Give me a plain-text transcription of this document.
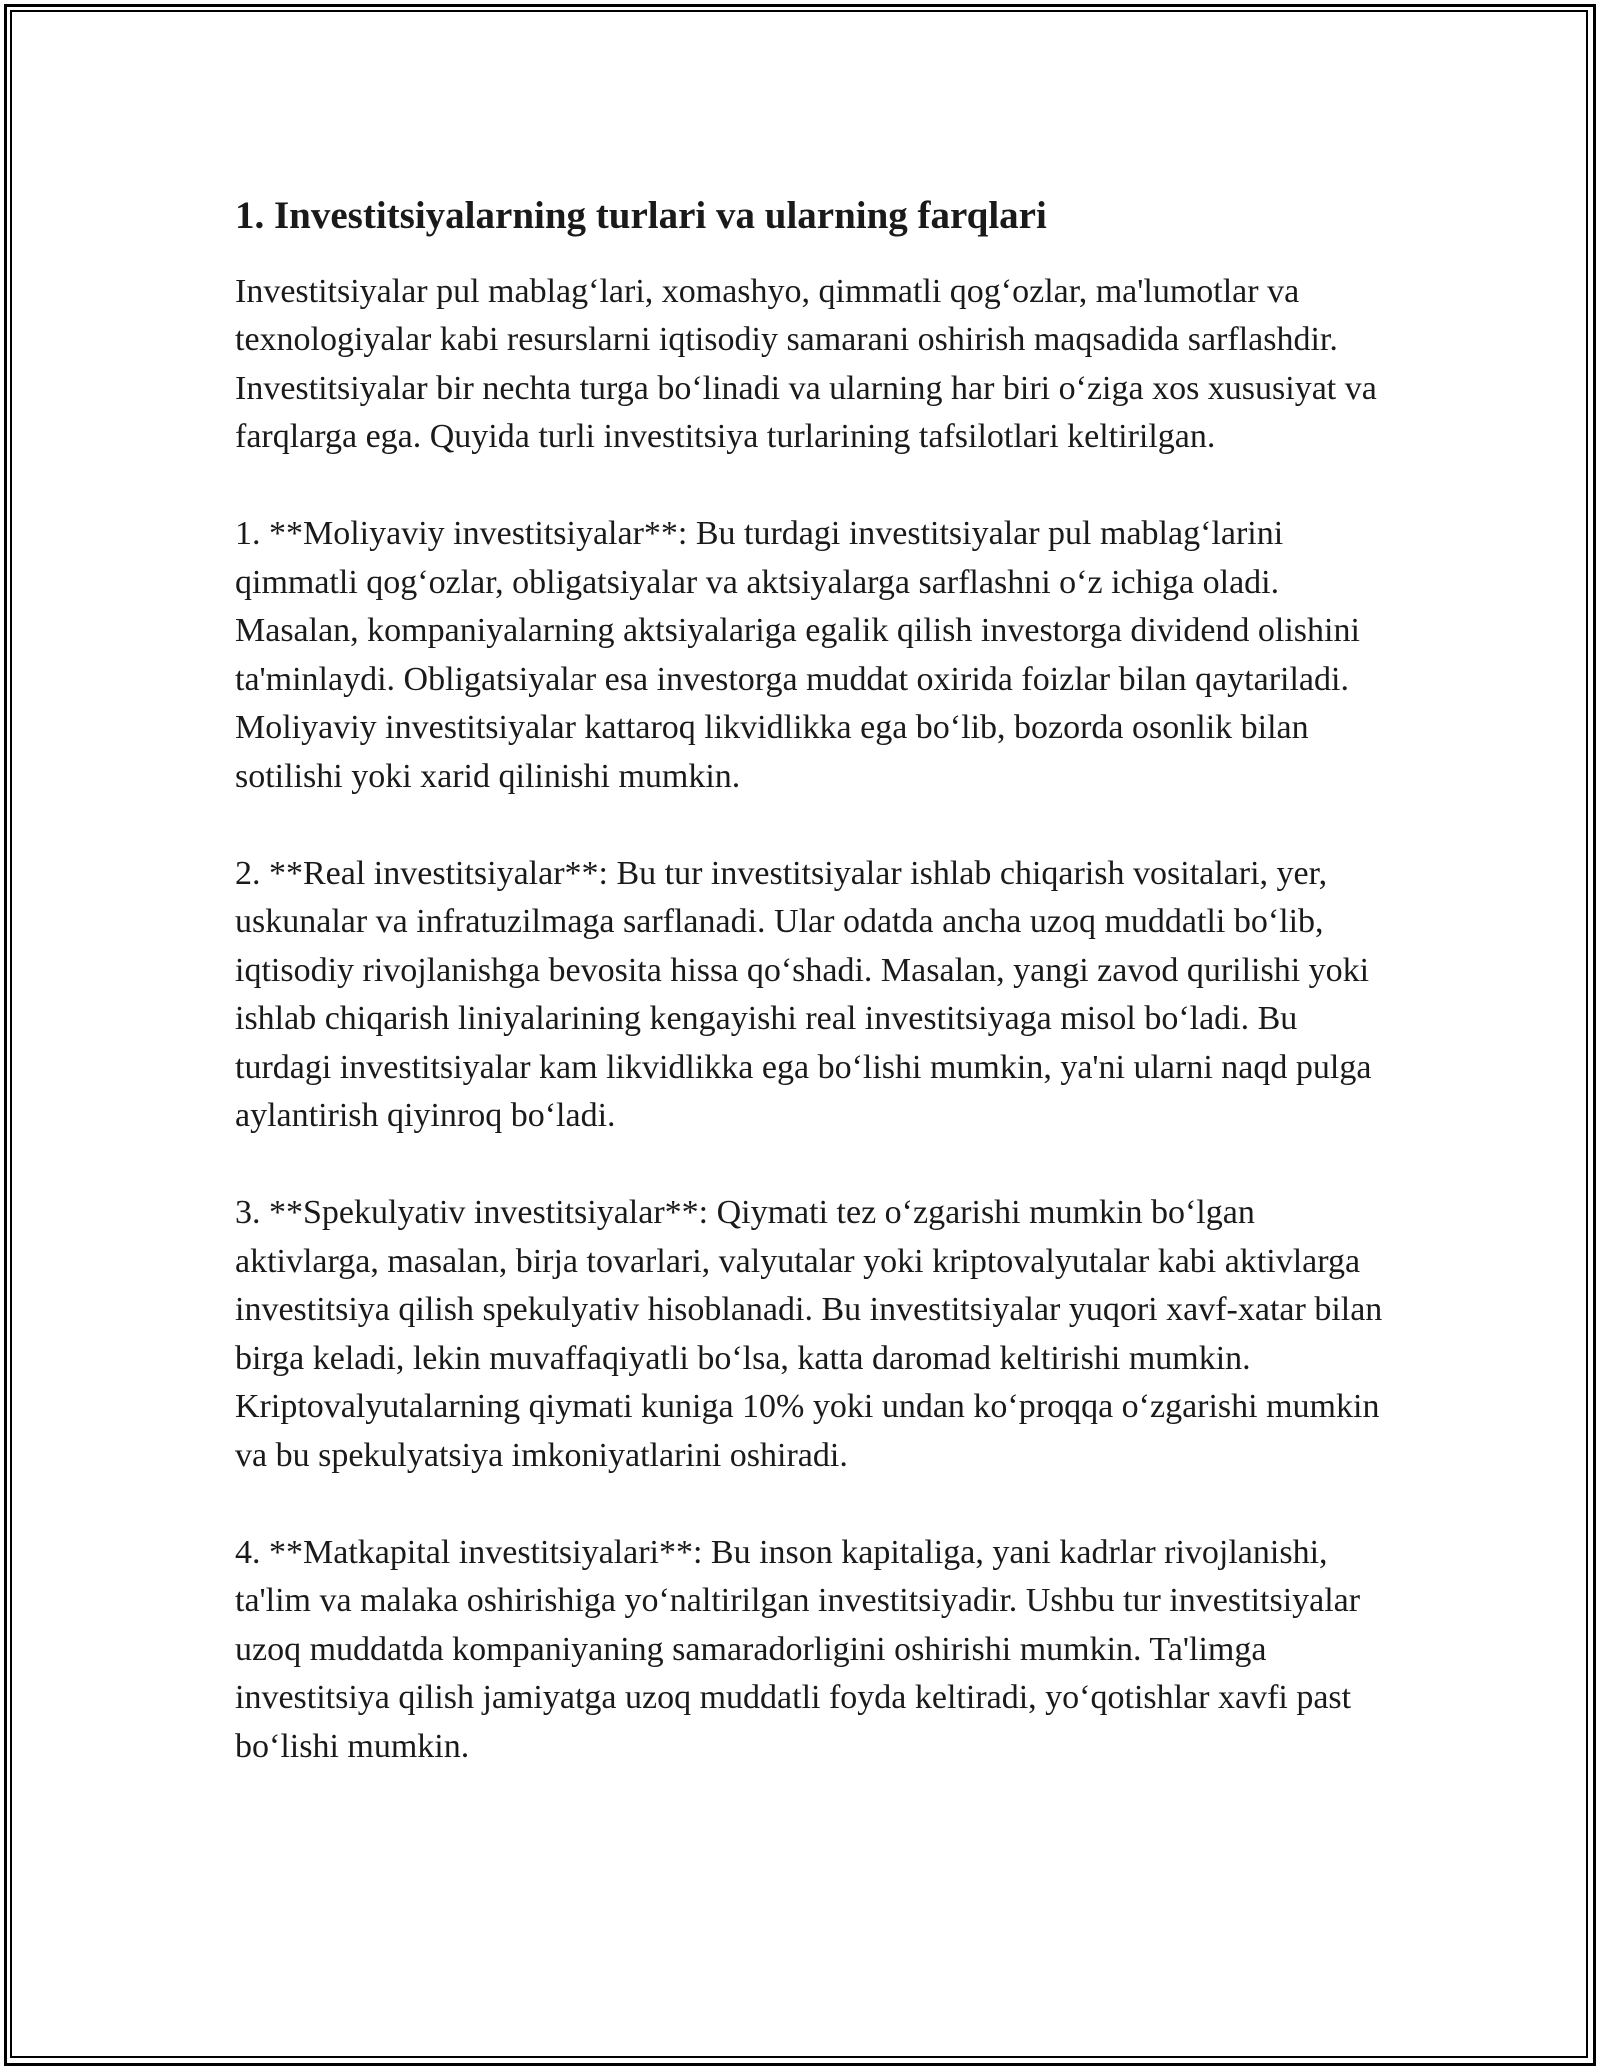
1. Investitsiyalarning turlari va ularning farqlari

Investitsiyalar pul mablag‘lari, xomashyo, qimmatli qog‘ozlar, ma'lumotlar va texnologiyalar kabi resurslarni iqtisodiy samarani oshirish maqsadida sarflashdir. Investitsiyalar bir nechta turga bo‘linadi va ularning har biri o‘ziga xos xususiyat va farqlarga ega. Quyida turli investitsiya turlarining tafsilotlari keltirilgan.

1. **Moliyaviy investitsiyalar**: Bu turdagi investitsiyalar pul mablag‘larini qimmatli qog‘ozlar, obligatsiyalar va aktsiyalarga sarflashni o‘z ichiga oladi. Masalan, kompaniyalarning aktsiyalariga egalik qilish investorga dividend olishini ta'minlaydi. Obligatsiyalar esa investorga muddat oxirida foizlar bilan qaytariladi. Moliyaviy investitsiyalar kattaroq likvidlikka ega bo‘lib, bozorda osonlik bilan sotilishi yoki xarid qilinishi mumkin.

2. **Real investitsiyalar**: Bu tur investitsiyalar ishlab chiqarish vositalari, yer, uskunalar va infratuzilmaga sarflanadi. Ular odatda ancha uzoq muddatli bo‘lib, iqtisodiy rivojlanishga bevosita hissa qo‘shadi. Masalan, yangi zavod qurilishi yoki ishlab chiqarish liniyalarining kengayishi real investitsiyaga misol bo‘ladi. Bu turdagi investitsiyalar kam likvidlikka ega bo‘lishi mumkin, ya'ni ularni naqd pulga aylantirish qiyinroq bo‘ladi.

3. **Spekulyativ investitsiyalar**: Qiymati tez o‘zgarishi mumkin bo‘lgan aktivlarga, masalan, birja tovarlari, valyutalar yoki kriptovalyutalar kabi aktivlarga investitsiya qilish spekulyativ hisoblanadi. Bu investitsiyalar yuqori xavf-xatar bilan birga keladi, lekin muvaffaqiyatli bo‘lsa, katta daromad keltirishi mumkin. Kriptovalyutalarning qiymati kuniga 10% yoki undan ko‘proqqa o‘zgarishi mumkin va bu spekulyatsiya imkoniyatlarini oshiradi.

4. **Matkapital investitsiyalari**: Bu inson kapitaliga, yani kadrlar rivojlanishi, ta'lim va malaka oshirishiga yo‘naltirilgan investitsiyadir. Ushbu tur investitsiyalar uzoq muddatda kompaniyaning samaradorligini oshirishi mumkin. Ta'limga investitsiya qilish jamiyatga uzoq muddatli foyda keltiradi, yo‘qotishlar xavfi past bo‘lishi mumkin.
